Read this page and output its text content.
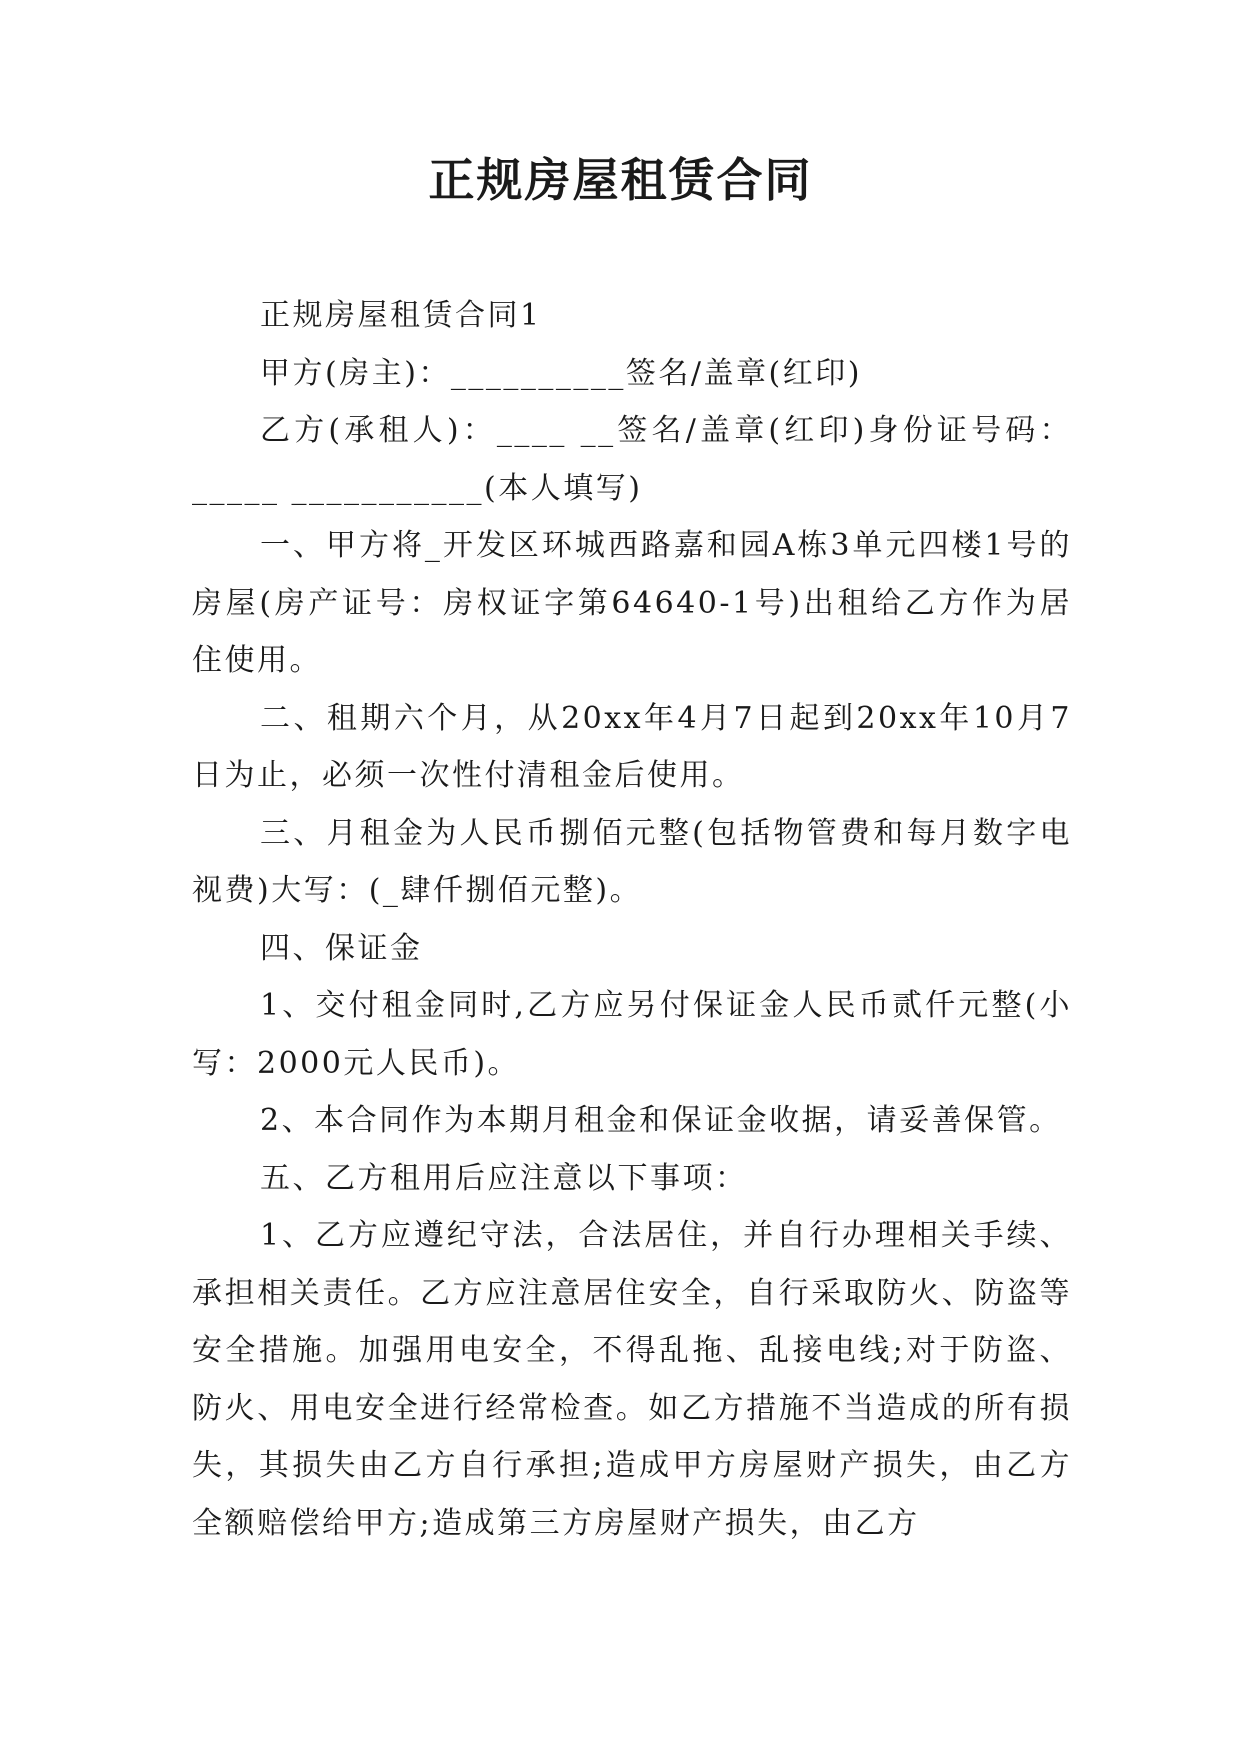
正规房屋租赁合同

正规房屋租赁合同1

甲方(房主)：__________签名/盖章(红印)

乙方(承租人)：____ __签名/盖章(红印)身份证号码：_____ ___________(本人填写)

一、甲方将_开发区环城西路嘉和园A栋3单元四楼1号的房屋(房产证号：房权证字第64640-1号)出租给乙方作为居住使用。

二、租期六个月，从20xx年4月7日起到20xx年10月7日为止，必须一次性付清租金后使用。

三、月租金为人民币捌佰元整(包括物管费和每月数字电视费)大写：(_肆仟捌佰元整)。

四、保证金

1、交付租金同时,乙方应另付保证金人民币贰仟元整(小写：2000元人民币)。

2、本合同作为本期月租金和保证金收据，请妥善保管。

五、乙方租用后应注意以下事项：

1、乙方应遵纪守法，合法居住，并自行办理相关手续、承担相关责任。乙方应注意居住安全，自行采取防火、防盗等安全措施。加强用电安全，不得乱拖、乱接电线;对于防盗、防火、用电安全进行经常检查。如乙方措施不当造成的所有损失，其损失由乙方自行承担;造成甲方房屋财产损失，由乙方全额赔偿给甲方;造成第三方房屋财产损失，由乙方
